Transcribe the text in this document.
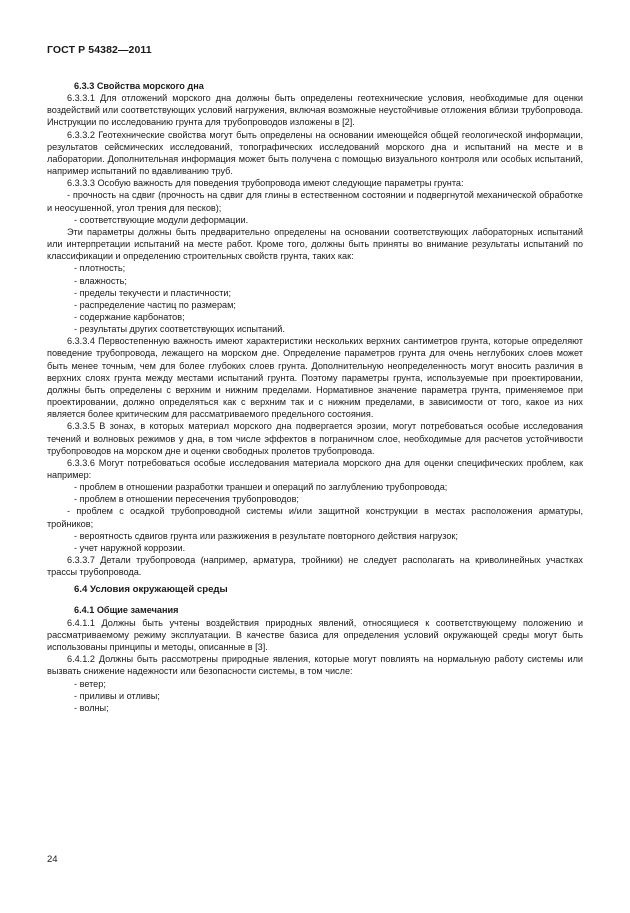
ГОСТ Р 54382—2011

6.3.3 Свойства морского дна

6.3.3.1 Для отложений морского дна должны быть определены геотехнические условия, необходимые для оценки воздействий или соответствующих условий нагружения, включая возможные неустойчивые отложения вблизи трубопровода. Инструкции по исследованию грунта для трубопроводов изложены в [2].

6.3.3.2 Геотехнические свойства могут быть определены на основании имеющейся общей геологической информации, результатов сейсмических исследований, топографических исследований морского дна и испытаний на месте и в лаборатории. Дополнительная информация может быть получена с помощью визуального контроля или особых испытаний, например испытаний по вдавливанию труб.

6.3.3.3 Особую важность для поведения трубопровода имеют следующие параметры грунта:

- прочность на сдвиг (прочность на сдвиг для глины в естественном состоянии и подвергнутой механической обработке и неосушенной, угол трения для песков);

- соответствующие модули деформации.

Эти параметры должны быть предварительно определены на основании соответствующих лабораторных испытаний или интерпретации испытаний на месте работ. Кроме того, должны быть приняты во внимание результаты испытаний по классификации и определению строительных свойств грунта, таких как:

- плотность;

- влажность;

- пределы текучести и пластичности;

- распределение частиц по размерам;

- содержание карбонатов;

- результаты других соответствующих испытаний.

6.3.3.4 Первостепенную важность имеют характеристики нескольких верхних сантиметров грунта, которые определяют поведение трубопровода, лежащего на морском дне. Определение параметров грунта для очень неглубоких слоев может быть менее точным, чем для более глубоких слоев грунта. Дополнительную неопределенность могут вносить различия в верхних слоях грунта между местами испытаний грунта. Поэтому параметры грунта, используемые при проектировании, должны быть определены с верхним и нижним пределами. Нормативное значение параметра грунта, применяемое при проектировании, должно определяться как с верхним так и с нижним пределами, в зависимости от того, какое из них является более критическим для рассматриваемого предельного состояния.

6.3.3.5 В зонах, в которых материал морского дна подвергается эрозии, могут потребоваться особые исследования течений и волновых режимов у дна, в том числе эффектов в пограничном слое, необходимые для расчетов устойчивости трубопроводов на морском дне и оценки свободных пролетов трубопровода.

6.3.3.6 Могут потребоваться особые исследования материала морского дна для оценки специфических проблем, как например:

- проблем в отношении разработки траншеи и операций по заглублению трубопровода;

- проблем в отношении пересечения трубопроводов;

- проблем с осадкой трубопроводной системы и/или защитной конструкции в местах расположения арматуры, тройников;

- вероятность сдвигов грунта или разжижения в результате повторного действия нагрузок;

- учет наружной коррозии.

6.3.3.7 Детали трубопровода (например, арматура, тройники) не следует располагать на криволинейных участках трассы трубопровода.

6.4 Условия окружающей среды

6.4.1 Общие замечания

6.4.1.1 Должны быть учтены воздействия природных явлений, относящиеся к соответствующему положению и рассматриваемому режиму эксплуатации. В качестве базиса для определения условий окружающей среды могут быть использованы принципы и методы, описанные в [3].

6.4.1.2 Должны быть рассмотрены природные явления, которые могут повлиять на нормальную работу системы или вызвать снижение надежности или безопасности системы, в том числе:

- ветер;

- приливы и отливы;

- волны;

24
